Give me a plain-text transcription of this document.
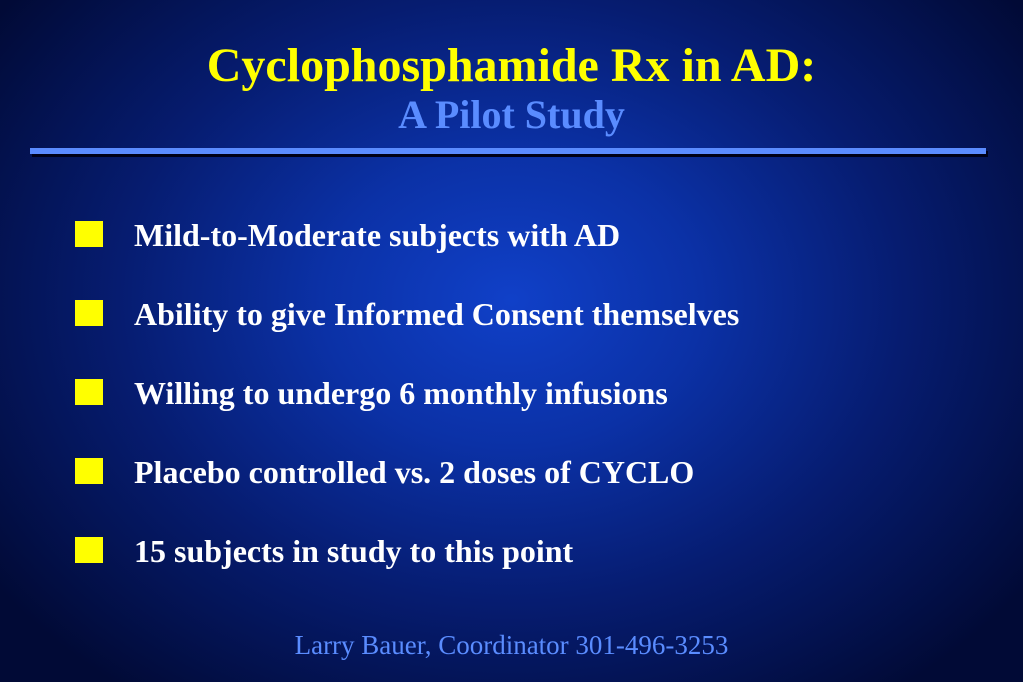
Cyclophosphamide Rx in AD:
A Pilot Study
Mild-to-Moderate subjects with AD
Ability to give Informed Consent themselves
Willing to undergo 6 monthly infusions
Placebo controlled vs. 2 doses of CYCLO
15 subjects in study to this point
Larry Bauer, Coordinator 301-496-3253
